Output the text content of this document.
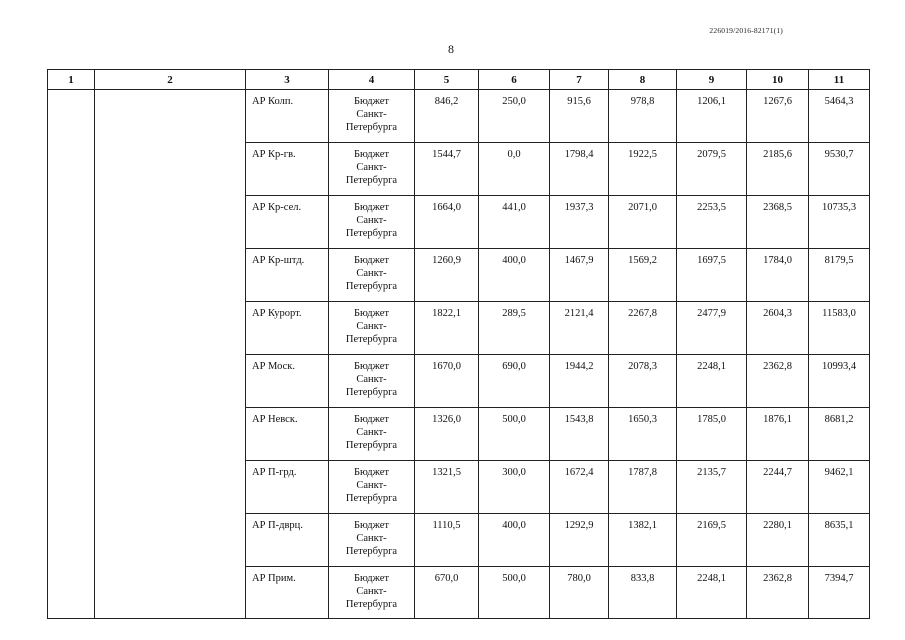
226019/2016-82171(1)
8
1	2	3	4	5	6	7	8	9	10	11
		АР Колп.	Бюджет
Санкт-
Петербурга	846,2	250,0	915,6	978,8	1206,1	1267,6	5464,3
		АР Кр-гв.	Бюджет
Санкт-
Петербурга	1544,7	0,0	1798,4	1922,5	2079,5	2185,6	9530,7
		АР Кр-сел.	Бюджет
Санкт-
Петербурга	1664,0	441,0	1937,3	2071,0	2253,5	2368,5	10735,3
		АР Кр-штд.	Бюджет
Санкт-
Петербурга	1260,9	400,0	1467,9	1569,2	1697,5	1784,0	8179,5
		АР Курорт.	Бюджет
Санкт-
Петербурга	1822,1	289,5	2121,4	2267,8	2477,9	2604,3	11583,0
		АР Моск.	Бюджет
Санкт-
Петербурга	1670,0	690,0	1944,2	2078,3	2248,1	2362,8	10993,4
		АР Невск.	Бюджет
Санкт-
Петербурга	1326,0	500,0	1543,8	1650,3	1785,0	1876,1	8681,2
		АР П-грд.	Бюджет
Санкт-
Петербурга	1321,5	300,0	1672,4	1787,8	2135,7	2244,7	9462,1
		АР П-дврц.	Бюджет
Санкт-
Петербурга	1110,5	400,0	1292,9	1382,1	2169,5	2280,1	8635,1
		АР Прим.	Бюджет
Санкт-
Петербурга	670,0	500,0	780,0	833,8	2248,1	2362,8	7394,7
